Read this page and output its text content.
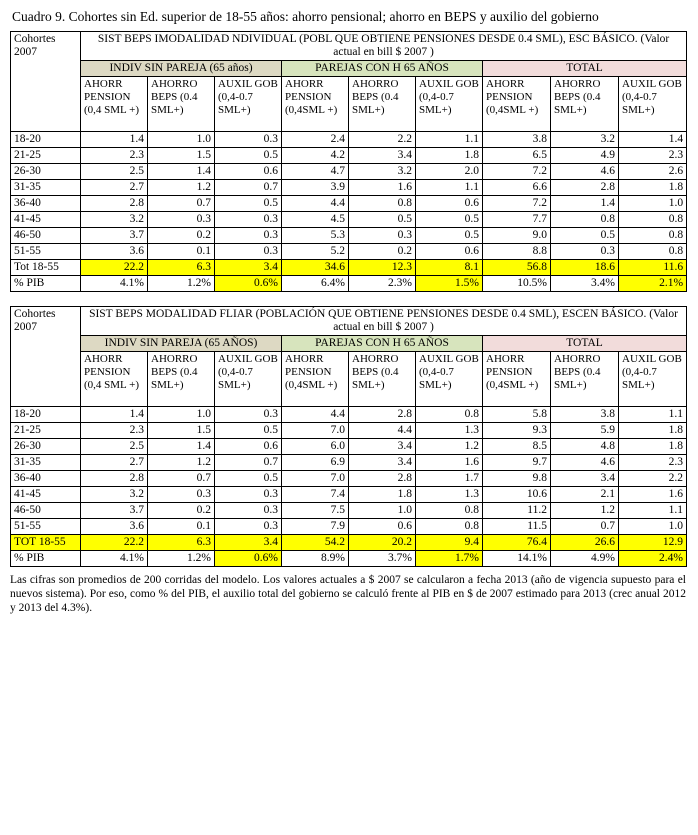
Cuadro 9. Cohortes sin Ed. superior de 18-55 años: ahorro pensional; ahorro en BEPS y auxilio del gobierno
Cohortes 2007	SIST BEPS IMODALIDAD NDIVIDUAL (POBL QUE OBTIENE PENSIONES DESDE 0.4 SML), ESC BÁSICO. (Valor actual en bill $ 2007 )								
	INDIV SIN PAREJA (65 años)			PAREJAS CON H 65 AÑOS			TOTAL		
	AHORR PENSION (0,4 SML +)	AHORRO BEPS (0.4 SML+)	AUXIL GOB (0,4-0.7 SML+)	AHORR PENSION (0,4SML +)	AHORRO BEPS (0.4 SML+)	AUXIL GOB (0,4-0.7 SML+)	AHORR PENSION (0,4SML +)	AHORRO BEPS (0.4 SML+)	AUXIL GOB (0,4-0.7 SML+)
18-20	1.4	1.0	0.3	2.4	2.2	1.1	3.8	3.2	1.4
21-25	2.3	1.5	0.5	4.2	3.4	1.8	6.5	4.9	2.3
26-30	2.5	1.4	0.6	4.7	3.2	2.0	7.2	4.6	2.6
31-35	2.7	1.2	0.7	3.9	1.6	1.1	6.6	2.8	1.8
36-40	2.8	0.7	0.5	4.4	0.8	0.6	7.2	1.4	1.0
41-45	3.2	0.3	0.3	4.5	0.5	0.5	7.7	0.8	0.8
46-50	3.7	0.2	0.3	5.3	0.3	0.5	9.0	0.5	0.8
51-55	3.6	0.1	0.3	5.2	0.2	0.6	8.8	0.3	0.8
Tot 18-55	22.2	6.3	3.4	34.6	12.3	8.1	56.8	18.6	11.6
% PIB	4.1%	1.2%	0.6%	6.4%	2.3%	1.5%	10.5%	3.4%	2.1%
Cohortes 2007	SIST BEPS MODALIDAD FLIAR (POBLACIÓN QUE OBTIENE PENSIONES DESDE 0.4 SML), ESCEN BÁSICO. (Valor actual en bill $ 2007 )								
	INDIV SIN PAREJA (65 AÑOS)			PAREJAS CON H 65 AÑOS			TOTAL		
	AHORR PENSION (0,4 SML +)	AHORRO BEPS (0.4 SML+)	AUXIL GOB (0,4-0.7 SML+)	AHORR PENSION (0,4SML +)	AHORRO BEPS (0.4 SML+)	AUXIL GOB (0,4-0.7 SML+)	AHORR PENSION (0,4SML +)	AHORRO BEPS (0.4 SML+)	AUXIL GOB (0,4-0.7 SML+)
18-20	1.4	1.0	0.3	4.4	2.8	0.8	5.8	3.8	1.1
21-25	2.3	1.5	0.5	7.0	4.4	1.3	9.3	5.9	1.8
26-30	2.5	1.4	0.6	6.0	3.4	1.2	8.5	4.8	1.8
31-35	2.7	1.2	0.7	6.9	3.4	1.6	9.7	4.6	2.3
36-40	2.8	0.7	0.5	7.0	2.8	1.7	9.8	3.4	2.2
41-45	3.2	0.3	0.3	7.4	1.8	1.3	10.6	2.1	1.6
46-50	3.7	0.2	0.3	7.5	1.0	0.8	11.2	1.2	1.1
51-55	3.6	0.1	0.3	7.9	0.6	0.8	11.5	0.7	1.0
TOT 18-55	22.2	6.3	3.4	54.2	20.2	9.4	76.4	26.6	12.9
% PIB	4.1%	1.2%	0.6%	8.9%	3.7%	1.7%	14.1%	4.9%	2.4%
Las cifras son promedios de 200 corridas del modelo. Los valores actuales a $ 2007 se calcularon a fecha 2013 (año de vigencia supuesto para el nuevos sistema). Por eso, como % del PIB, el auxilio total del gobierno se calculó frente al PIB en $ de 2007 estimado para 2013 (crec anual 2012 y 2013 del 4.3%).
